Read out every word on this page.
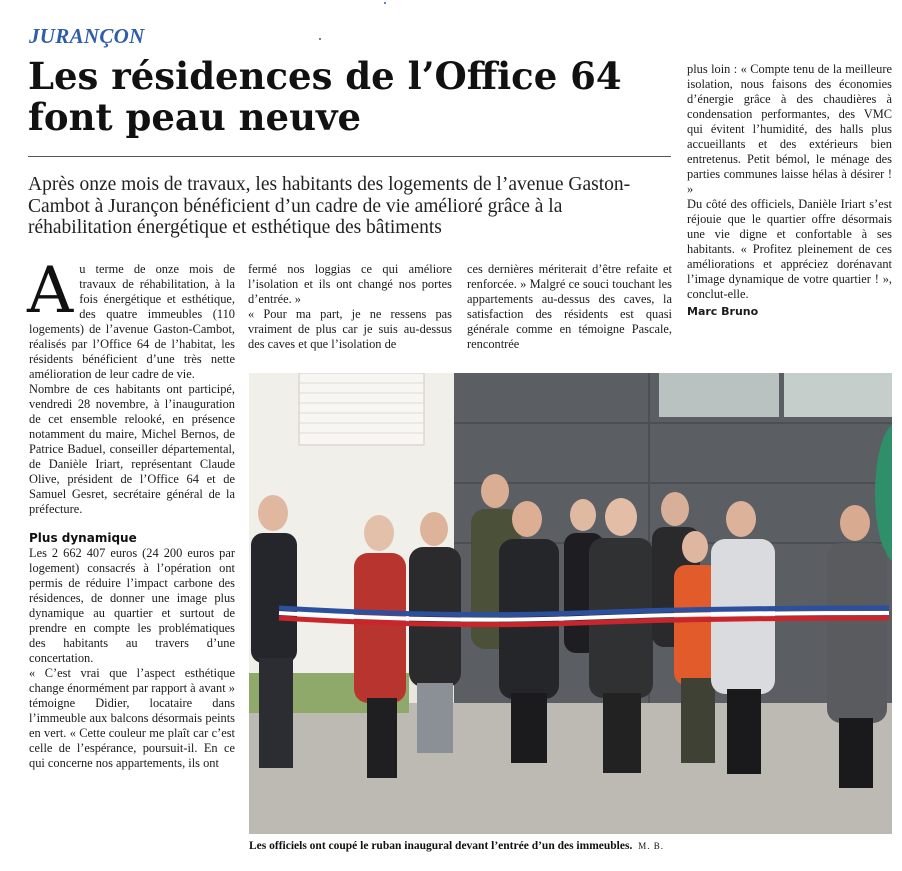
JURANÇON
Les résidences de l’Office 64 font peau neuve

Après onze mois de travaux, les habitants des logements de l’avenue Gaston-Cambot à Jurançon bénéficient d’un cadre de vie amélioré grâce à la réhabilitation énergétique et esthétique des bâtiments

A u terme de onze mois de travaux de réhabilitation, à la fois énergétique et esthétique, des quatre immeubles (110 logements) de l’avenue Gaston-Cambot, réalisés par l’Office 64 de l’habitat, les résidents bénéficient d’une très nette amélioration de leur cadre de vie.

Nombre de ces habitants ont participé, vendredi 28 novembre, à l’inauguration de cet ensemble relooké, en présence notamment du maire, Michel Bernos, de Patrice Baduel, conseiller départemental, de Danièle Iriart, représentant Claude Olive, président de l’Office 64 et de Samuel Gesret, secrétaire général de la préfecture.

Plus dynamique

Les 2 662 407 euros (24 200 euros par logement) consacrés à l’opération ont permis de réduire l’impact carbone des résidences, de donner une image plus dynamique au quartier et surtout de prendre en compte les problématiques des habitants au travers d’une concertation.

« C’est vrai que l’aspect esthétique change énormément par rapport à avant » témoigne Didier, locataire dans l’immeuble aux balcons désormais peints en vert. « Cette couleur me plaît car c’est celle de l’espérance, poursuit-il. En ce qui concerne nos appartements, ils ont

fermé nos loggias ce qui améliore l’isolation et ils ont changé nos portes d’entrée. »

« Pour ma part, je ne ressens pas vraiment de plus car je suis au-dessus des caves et que l’isolation de

ces dernières mériterait d’être refaite et renforcée. » Malgré ce souci touchant les appartements au-dessus des caves, la satisfaction des résidents est quasi générale comme en témoigne Pascale, rencontrée

plus loin : « Compte tenu de la meilleure isolation, nous faisons des économies d’énergie grâce à des chaudières à condensation performantes, des VMC qui évitent l’humidité, des halls plus accueillants et des extérieurs bien entretenus. Petit bémol, le ménage des parties communes laisse hélas à désirer ! »

Du côté des officiels, Danièle Iriart s’est réjouie que le quartier offre désormais une vie digne et confortable à ses habitants. « Profitez pleinement de ces améliorations et appréciez dorénavant l’image dynamique de votre quartier ! », conclut-elle.

Marc Bruno

Les officiels ont coupé le ruban inaugural devant l’entrée d’un des immeubles. M. B.
